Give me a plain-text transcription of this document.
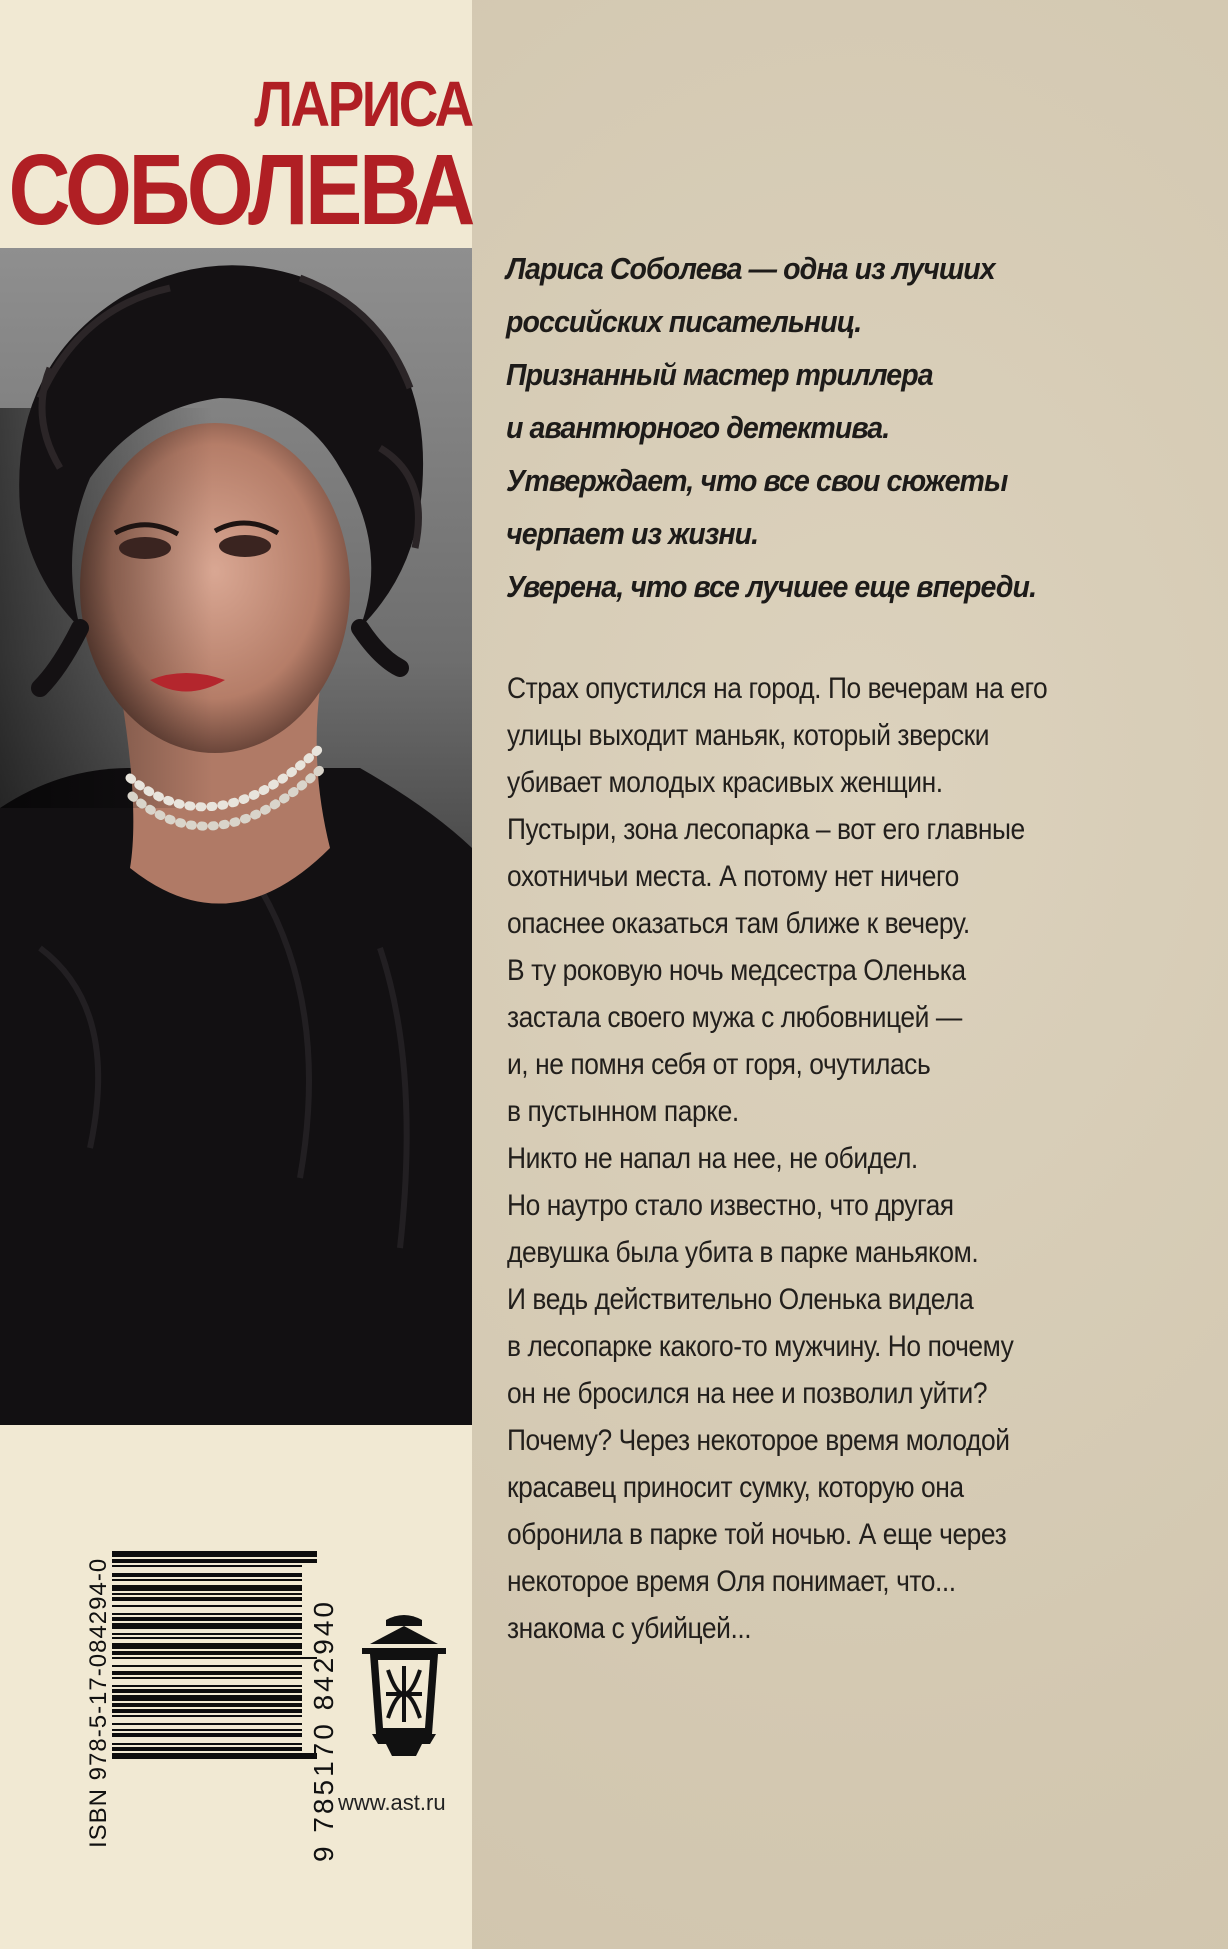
ЛАРИСА
СОБОЛЕВА
Лариса Соболева — одна из лучших
российских писательниц.
Признанный мастер триллера
и авантюрного детектива.
Утверждает, что все свои сюжеты
черпает из жизни.
Уверена, что все лучшее еще впереди.
Страх опустился на город. По вечерам на его
улицы выходит маньяк, который зверски
убивает молодых красивых женщин.
Пустыри, зона лесопарка – вот его главные
охотничьи места. А потому нет ничего
опаснее оказаться там ближе к вечеру.
В ту роковую ночь медсестра Оленька
застала своего мужа с любовницей —
и, не помня себя от горя, очутилась
в пустынном парке.
Никто не напал на нее, не обидел.
Но наутро стало известно, что другая
девушка была убита в парке маньяком.
И ведь действительно Оленька видела
в лесопарке какого-то мужчину. Но почему
он не бросился на нее и позволил уйти?
Почему? Через некоторое время молодой
красавец приносит сумку, которую она
обронила в парке той ночью. А еще через
некоторое время Оля понимает, что...
знакома с убийцей...
ISBN 978-5-17-084294-0	9 785170 842940 www.ast.ru
